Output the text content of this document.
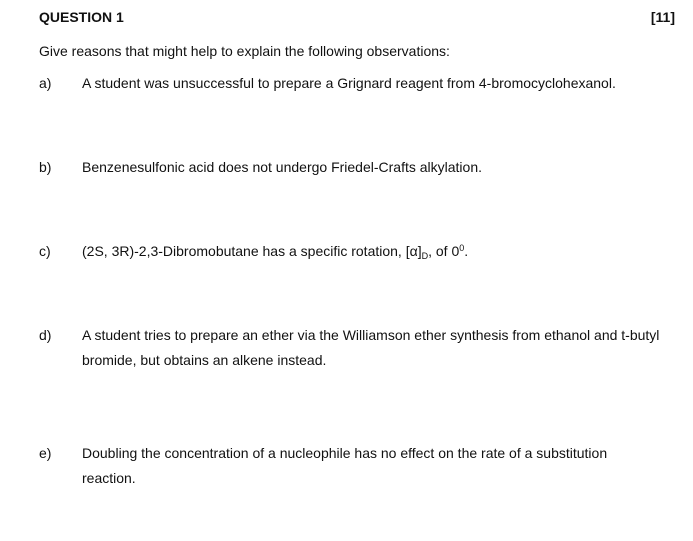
QUESTION 1	[11]
Give reasons that might help to explain the following observations:
a) A student was unsuccessful to prepare a Grignard reagent from 4-bromocyclohexanol.
b) Benzenesulfonic acid does not undergo Friedel-Crafts alkylation.
c) (2S, 3R)-2,3-Dibromobutane has a specific rotation, $[\alpha]_D$, of $0^0$.
d) A student tries to prepare an ether via the Williamson ether synthesis from ethanol and t-butyl bromide, but obtains an alkene instead.
e) Doubling the concentration of a nucleophile has no effect on the rate of a substitution reaction.
